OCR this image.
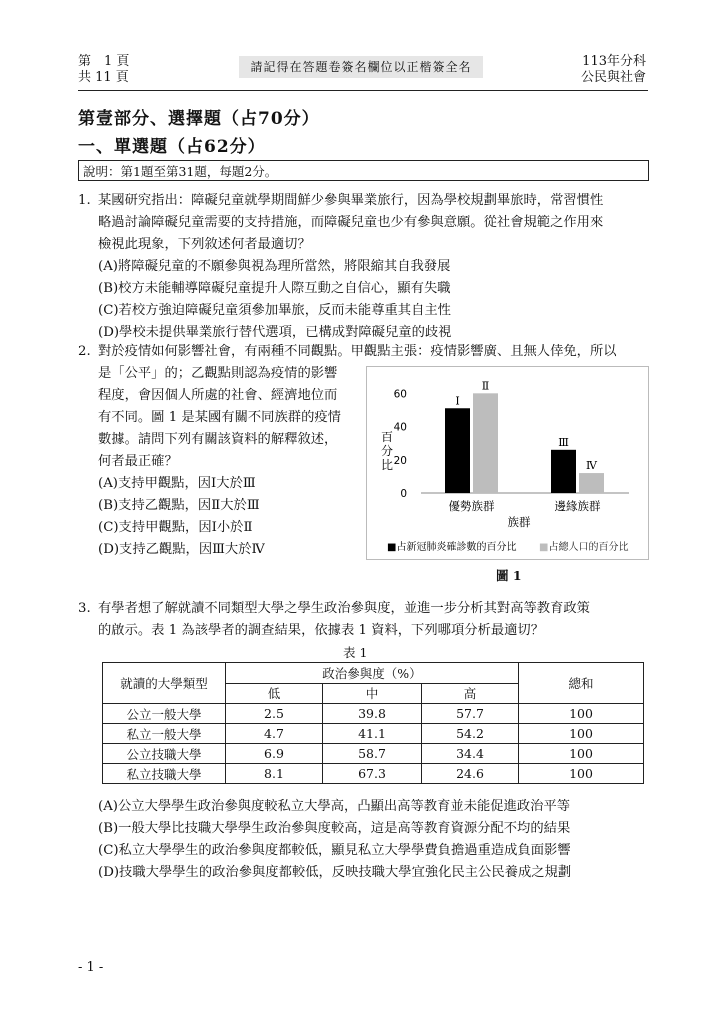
第　1 頁
共 11 頁
請記得在答題卷簽名欄位以正楷簽全名	113年分科
公民與社會
第壹部分、選擇題（占70分）
一、單選題（占62分）
說明：第1題至第31題，每題2分。
1. 某國研究指出：障礙兒童就學期間鮮少參與畢業旅行，因為學校規劃畢旅時，常習慣性
略過討論障礙兒童需要的支持措施，而障礙兒童也少有參與意願。從社會規範之作用來
檢視此現象，下列敘述何者最適切？
(A)將障礙兒童的不願參與視為理所當然，將限縮其自我發展
(B)校方未能輔導障礙兒童提升人際互動之自信心，顯有失職
(C)若校方強迫障礙兒童須參加畢旅，反而未能尊重其自主性
(D)學校未提供畢業旅行替代選項，已構成對障礙兒童的歧視
2. 對於疫情如何影響社會，有兩種不同觀點。甲觀點主張：疫情影響廣、且無人倖免，所以
是「公平」的；乙觀點則認為疫情的影響
程度，會因個人所處的社會、經濟地位而
有不同。圖 1 是某國有關不同族群的疫情
數據。請問下列有關該資料的解釋敘述，
何者最正確？
(A)支持甲觀點，因Ⅰ大於Ⅲ
(B)支持乙觀點，因Ⅱ大於Ⅲ
(C)支持甲觀點，因Ⅰ小於Ⅱ
(D)支持乙觀點，因Ⅲ大於Ⅳ
0
20
40
60	Ⅰ
Ⅱ
Ⅲ
Ⅳ
優勢族群	邊緣族群
百分比
族群
■占新冠肺炎確診數的百分比 ■占總人口的百分比
圖 1
3. 有學者想了解就讀不同類型大學之學生政治參與度，並進一步分析其對高等教育政策
的啟示。表 1 為該學者的調查結果，依據表 1 資料，下列哪項分析最適切？
表 1
就讀的大學類型	政治參與度（%）			總和
	低	中	高	
公立一般大學	2.5	39.8	57.7	100
私立一般大學	4.7	41.1	54.2	100
公立技職大學	6.9	58.7	34.4	100
私立技職大學	8.1	67.3	24.6	100
(A)公立大學學生政治參與度較私立大學高，凸顯出高等教育並未能促進政治平等
(B)一般大學比技職大學學生政治參與度較高，這是高等教育資源分配不均的結果
(C)私立大學學生的政治參與度都較低，顯見私立大學學費負擔過重造成負面影響
(D)技職大學學生的政治參與度都較低，反映技職大學宜強化民主公民養成之規劃
- 1 -
